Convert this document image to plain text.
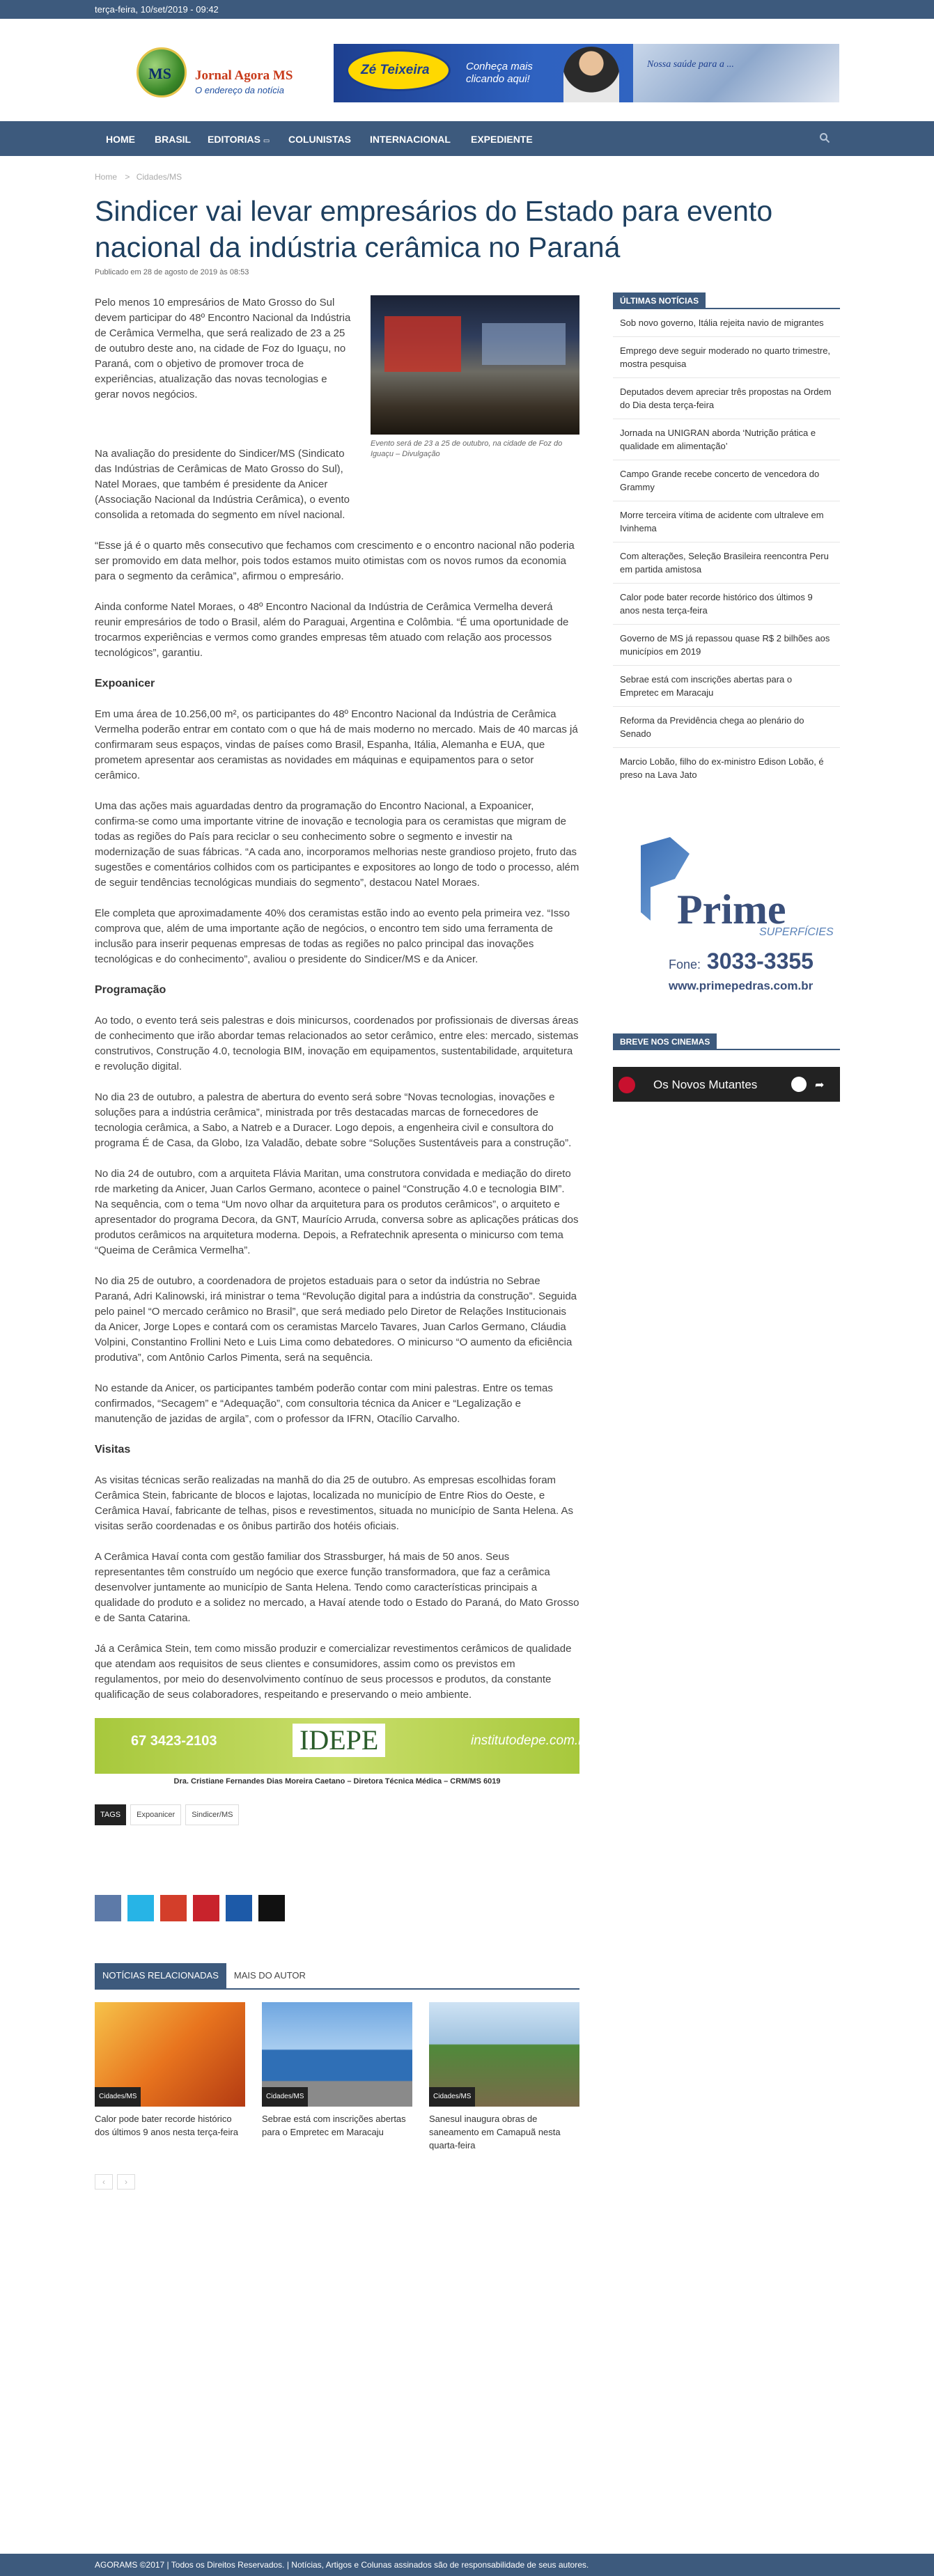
terça-feira, 10/set/2019 - 09:42
MS Jornal Agora MS
O endereço da notícia
Zé Teixeira	Conheça mais clicando aqui!
Nossa saúde para a ...
HOME BRASIL EDITORIAS ▭ COLUNISTAS INTERNACIONAL EXPEDIENTE
Home > Cidades/MS
Sindicer vai levar empresários do Estado para evento nacional da indústria cerâmica no Paraná
Publicado em 28 de agosto de 2019 às 08:53

Pelo menos 10 empresários de Mato Grosso do Sul devem participar do 48º Encontro Nacional da Indústria de Cerâmica Vermelha, que será realizado de 23 a 25 de outubro deste ano, na cidade de Foz do Iguaçu, no Paraná, com o objetivo de promover troca de experiências, atualização das novas tecnologias e gerar novos negócios.

Evento será de 23 a 25 de outubro, na cidade de Foz do Iguaçu – Divulgação

Na avaliação do presidente do Sindicer/MS (Sindicato das Indústrias de Cerâmicas de Mato Grosso do Sul), Natel Moraes, que também é presidente da Anicer (Associação Nacional da Indústria Cerâmica), o evento consolida a retomada do segmento em nível nacional.

“Esse já é o quarto mês consecutivo que fechamos com crescimento e o encontro nacional não poderia ser promovido em data melhor, pois todos estamos muito otimistas com os novos rumos da economia para o segmento da cerâmica”, afirmou o empresário.

Ainda conforme Natel Moraes, o 48º Encontro Nacional da Indústria de Cerâmica Vermelha deverá reunir empresários de todo o Brasil, além do Paraguai, Argentina e Colômbia. “É uma oportunidade de trocarmos experiências e vermos como grandes empresas têm atuado com relação aos processos tecnológicos”, garantiu.

Expoanicer

Em uma área de 10.256,00 m², os participantes do 48º Encontro Nacional da Indústria de Cerâmica Vermelha poderão entrar em contato com o que há de mais moderno no mercado. Mais de 40 marcas já confirmaram seus espaços, vindas de países como Brasil, Espanha, Itália, Alemanha e EUA, que prometem apresentar aos ceramistas as novidades em máquinas e equipamentos para o setor cerâmico.

Uma das ações mais aguardadas dentro da programação do Encontro Nacional, a Expoanicer, confirma-se como uma importante vitrine de inovação e tecnologia para os ceramistas que migram de todas as regiões do País para reciclar o seu conhecimento sobre o segmento e investir na modernização de suas fábricas. “A cada ano, incorporamos melhorias neste grandioso projeto, fruto das sugestões e comentários colhidos com os participantes e expositores ao longo de todo o processo, além de seguir tendências tecnológicas mundiais do segmento”, destacou Natel Moraes.

Ele completa que aproximadamente 40% dos ceramistas estão indo ao evento pela primeira vez. “Isso comprova que, além de uma importante ação de negócios, o encontro tem sido uma ferramenta de inclusão para inserir pequenas empresas de todas as regiões no palco principal das inovações tecnológicas e do conhecimento”, avaliou o presidente do Sindicer/MS e da Anicer.

Programação

Ao todo, o evento terá seis palestras e dois minicursos, coordenados por profissionais de diversas áreas de conhecimento que irão abordar temas relacionados ao setor cerâmico, entre eles: mercado, sistemas construtivos, Construção 4.0, tecnologia BIM, inovação em equipamentos, sustentabilidade, arquitetura e revolução digital.

No dia 23 de outubro, a palestra de abertura do evento será sobre “Novas tecnologias, inovações e soluções para a indústria cerâmica”, ministrada por três destacadas marcas de fornecedores de tecnologia cerâmica, a Sabo, a Natreb e a Duracer. Logo depois, a engenheira civil e consultora do programa É de Casa, da Globo, Iza Valadão, debate sobre “Soluções Sustentáveis para a construção”.

No dia 24 de outubro, com a arquiteta Flávia Maritan, uma construtora convidada e mediação do direto rde marketing da Anicer, Juan Carlos Germano, acontece o painel “Construção 4.0 e tecnologia BIM”. Na sequência, com o tema “Um novo olhar da arquitetura para os produtos cerâmicos”, o arquiteto e apresentador do programa Decora, da GNT, Maurício Arruda, conversa sobre as aplicações práticas dos produtos cerâmicos na arquitetura moderna. Depois, a Refratechnik apresenta o minicurso com tema “Queima de Cerâmica Vermelha”.

No dia 25 de outubro, a coordenadora de projetos estaduais para o setor da indústria no Sebrae Paraná, Adri Kalinowski, irá ministrar o tema “Revolução digital para a indústria da construção”. Seguida pelo painel “O mercado cerâmico no Brasil”, que será mediado pelo Diretor de Relações Institucionais da Anicer, Jorge Lopes e contará com os ceramistas Marcelo Tavares, Juan Carlos Germano, Cláudia Volpini, Constantino Frollini Neto e Luis Lima como debatedores. O minicurso “O aumento da eficiência produtiva”, com Antônio Carlos Pimenta, será na sequência.

No estande da Anicer, os participantes também poderão contar com mini palestras. Entre os temas confirmados, “Secagem” e “Adequação”, com consultoria técnica da Anicer e “Legalização e manutenção de jazidas de argila”, com o professor da IFRN, Otacílio Carvalho.

Visitas

As visitas técnicas serão realizadas na manhã do dia 25 de outubro. As empresas escolhidas foram Cerâmica Stein, fabricante de blocos e lajotas, localizada no município de Entre Rios do Oeste, e Cerâmica Havaí, fabricante de telhas, pisos e revestimentos, situada no município de Santa Helena. As visitas serão coordenadas e os ônibus partirão dos hotéis oficiais.

A Cerâmica Havaí conta com gestão familiar dos Strassburger, há mais de 50 anos. Seus representantes têm construído um negócio que exerce função transformadora, que faz a cerâmica desenvolver juntamente ao município de Santa Helena. Tendo como características principais a qualidade do produto e a solidez no mercado, a Havaí atende todo o Estado do Paraná, do Mato Grosso e de Santa Catarina.

Já a Cerâmica Stein, tem como missão produzir e comercializar revestimentos cerâmicos de qualidade que atendam aos requisitos de seus clientes e consumidores, assim como os previstos em regulamentos, por meio do desenvolvimento contínuo de seus processos e produtos, da constante qualificação de seus colaboradores, respeitando e preservando o meio ambiente.

67 3423-2103	IDEPE	institutodepe.com.br
Dra. Cristiane Fernandes Dias Moreira Caetano – Diretora Técnica Médica – CRM/MS 6019
TAGS	Expoanicer	Sindicer/MS
NOTÍCIAS RELACIONADAS	MAIS DO AUTOR
Cidades/MS
Calor pode bater recorde histórico dos últimos 9 anos nesta terça-feira
Cidades/MS
Sebrae está com inscrições abertas para o Empretec em Maracaju
Cidades/MS
Sanesul inaugura obras de saneamento em Camapuã nesta quarta-feira
‹	›
ÚLTIMAS NOTÍCIAS
Sob novo governo, Itália rejeita navio de migrantes
Emprego deve seguir moderado no quarto trimestre, mostra pesquisa
Deputados devem apreciar três propostas na Ordem do Dia desta terça-feira
Jornada na UNIGRAN aborda ‘Nutrição prática e qualidade em alimentação’
Campo Grande recebe concerto de vencedora do Grammy
Morre terceira vítima de acidente com ultraleve em Ivinhema
Com alterações, Seleção Brasileira reencontra Peru em partida amistosa
Calor pode bater recorde histórico dos últimos 9 anos nesta terça-feira
Governo de MS já repassou quase R$ 2 bilhões aos municípios em 2019
Sebrae está com inscrições abertas para o Empretec em Maracaju
Reforma da Previdência chega ao plenário do Senado
Marcio Lobão, filho do ex-ministro Edison Lobão, é preso na Lava Jato
Prime
SUPERFÍCIES
Fone: 3033-3355
www.primepedras.com.br
BREVE NOS CINEMAS
Os Novos Mutantes	➦
AGORAMS ©2017 | Todos os Direitos Reservados. | Notícias, Artigos e Colunas assinados são de responsabilidade de seus autores.
